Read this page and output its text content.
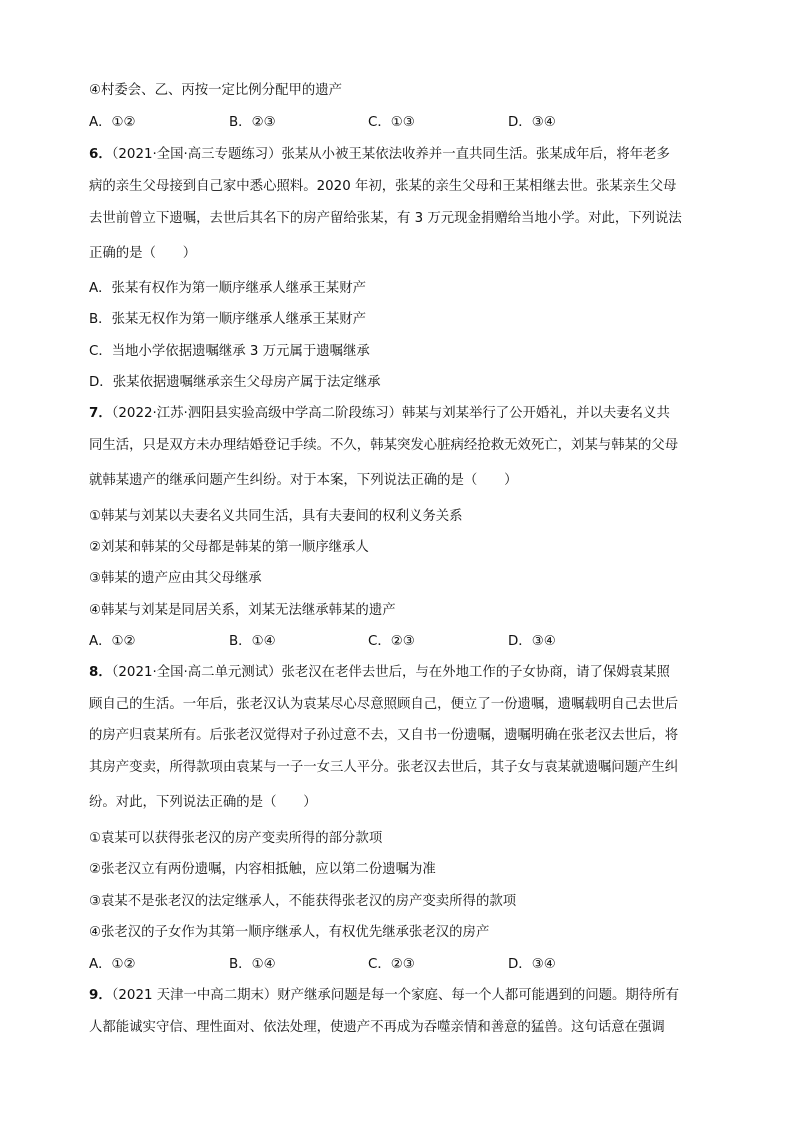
④村委会、乙、丙按一定比例分配甲的遗产
A．①②	B．②③	C．①③	D．③④
6．（2021·全国·高三专题练习）张某从小被王某依法收养并一直共同生活。张某成年后，将年老多
病的亲生父母接到自己家中悉心照料。2020 年初，张某的亲生父母和王某相继去世。张某亲生父母
去世前曾立下遗嘱，去世后其名下的房产留给张某，有 3 万元现金捐赠给当地小学。对此，下列说法
正确的是（　　）
A．张某有权作为第一顺序继承人继承王某财产
B．张某无权作为第一顺序继承人继承王某财产
C．当地小学依据遗嘱继承 3 万元属于遗嘱继承
D．张某依据遗嘱继承亲生父母房产属于法定继承
7．（2022·江苏·泗阳县实验高级中学高二阶段练习）韩某与刘某举行了公开婚礼，并以夫妻名义共
同生活，只是双方未办理结婚登记手续。不久，韩某突发心脏病经抢救无效死亡，刘某与韩某的父母
就韩某遗产的继承问题产生纠纷。对于本案，下列说法正确的是（　　）
①韩某与刘某以夫妻名义共同生活，具有夫妻间的权利义务关系
②刘某和韩某的父母都是韩某的第一顺序继承人
③韩某的遗产应由其父母继承
④韩某与刘某是同居关系，刘某无法继承韩某的遗产
A．①②	B．①④	C．②③	D．③④
8．（2021·全国·高二单元测试）张老汉在老伴去世后，与在外地工作的子女协商，请了保姆袁某照
顾自己的生活。一年后，张老汉认为袁某尽心尽意照顾自己，便立了一份遗嘱，遗嘱载明自己去世后
的房产归袁某所有。后张老汉觉得对子孙过意不去，又自书一份遗嘱，遗嘱明确在张老汉去世后，将
其房产变卖，所得款项由袁某与一子一女三人平分。张老汉去世后，其子女与袁某就遗嘱问题产生纠
纷。对此，下列说法正确的是（　　）
①袁某可以获得张老汉的房产变卖所得的部分款项
②张老汉立有两份遗嘱，内容相抵触，应以第二份遗嘱为准
③袁某不是张老汉的法定继承人，不能获得张老汉的房产变卖所得的款项
④张老汉的子女作为其第一顺序继承人，有权优先继承张老汉的房产
A．①②	B．①④	C．②③	D．③④
9．（2021 天津一中高二期末）财产继承问题是每一个家庭、每一个人都可能遇到的问题。期待所有
人都能诚实守信、理性面对、依法处理，使遗产不再成为吞噬亲情和善意的猛兽。这句话意在强调
